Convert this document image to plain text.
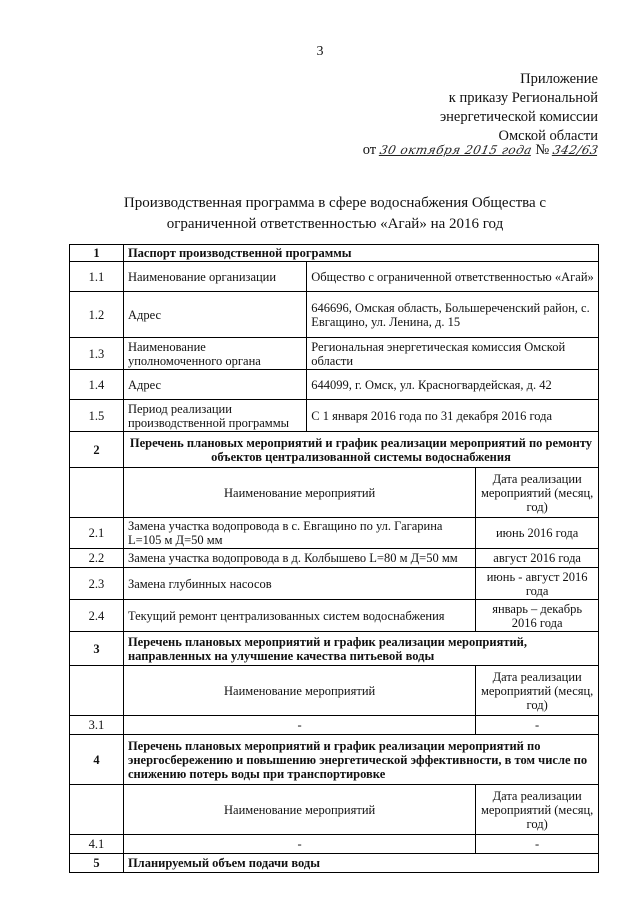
3
Приложение
к приказу Региональной
энергетической комиссии
Омской области
от 30 октября 2015 года № 342/63
Производственная программа в сфере водоснабжения Общества с
ограниченной ответственностью «Агай» на 2016 год
1	Паспорт производственной программы		
1.1	Наименование организации	Общество с ограниченной ответственностью «Агай»	
1.2	Адрес	646696, Омская область, Большереченский район, с. Евгащино, ул. Ленина, д. 15	
1.3	Наименование уполномоченного органа	Региональная энергетическая комиссия Омской области	
1.4	Адрес	644099, г. Омск, ул. Красногвардейская, д. 42	
1.5	Период реализации производственной программы	С 1 января 2016 года по 31 декабря 2016 года	
2	Перечень плановых мероприятий и график реализации мероприятий по ремонту объектов централизованной системы водоснабжения		
	Наименование мероприятий		Дата реализации мероприятий (месяц, год)
2.1	Замена участка водопровода в с. Евгащино по ул. Гагарина L=105 м Д=50 мм		июнь 2016 года
2.2	Замена участка водопровода в д. Колбышево L=80 м Д=50 мм		август 2016 года
2.3	Замена глубинных насосов		июнь - август 2016 года
2.4	Текущий ремонт централизованных систем водоснабжения		январь – декабрь 2016 года
3	Перечень плановых мероприятий и график реализации мероприятий, направленных на улучшение качества питьевой воды		
	Наименование мероприятий		Дата реализации мероприятий (месяц, год)
3.1	-		-
4	Перечень плановых мероприятий и график реализации мероприятий по энергосбережению и повышению энергетической эффективности, в том числе по снижению потерь воды при транспортировке		
	Наименование мероприятий		Дата реализации мероприятий (месяц, год)
4.1	-		-
5	Планируемый объем подачи воды		
